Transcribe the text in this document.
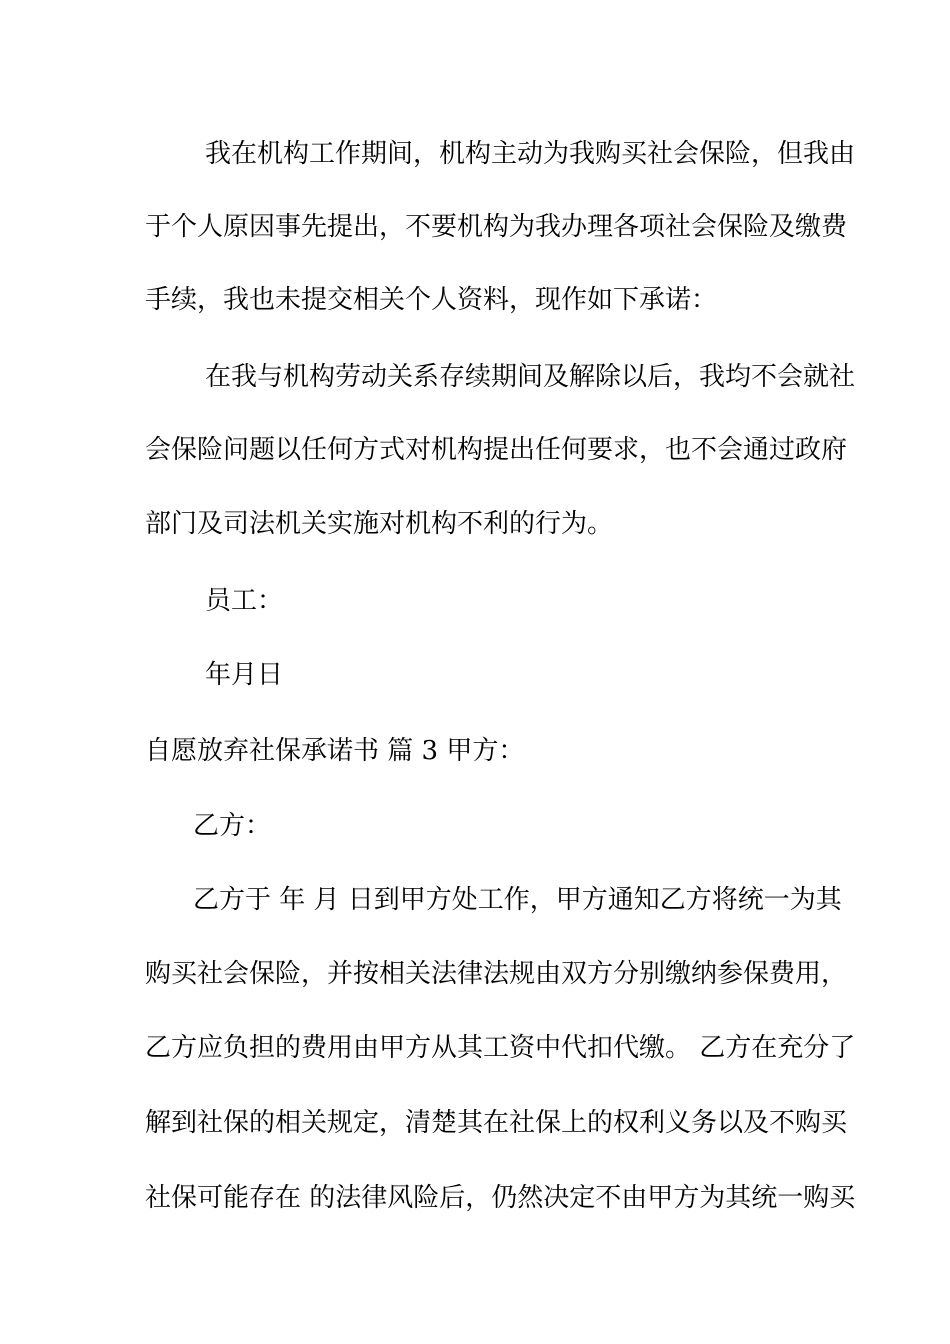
我在机构工作期间，机构主动为我购买社会保险，但我由
于个人原因事先提出，不要机构为我办理各项社会保险及缴费
手续，我也未提交相关个人资料，现作如下承诺：
在我与机构劳动关系存续期间及解除以后，我均不会就社
会保险问题以任何方式对机构提出任何要求，也不会通过政府
部门及司法机关实施对机构不利的行为。
员工：
年月日
自愿放弃社保承诺书 篇 3 甲方：
乙方：
乙方于 年 月 日到甲方处工作，甲方通知乙方将统一为其
购买社会保险，并按相关法律法规由双方分别缴纳参保费用，
乙方应负担的费用由甲方从其工资中代扣代缴。 乙方在充分了
解到社保的相关规定，清楚其在社保上的权利义务以及不购买
社保可能存在 的法律风险后，仍然决定不由甲方为其统一购买
